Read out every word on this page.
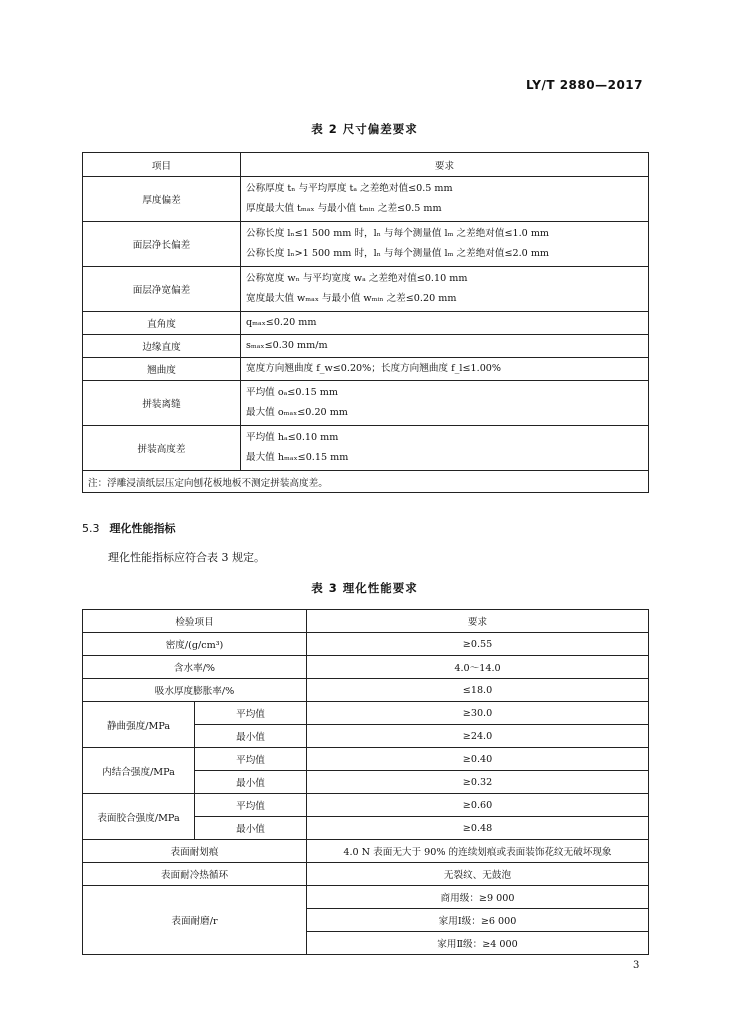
LY/T 2880—2017
表 2 尺寸偏差要求
项目	要求
厚度偏差	公称厚度 tₙ 与平均厚度 tₐ 之差绝对值≤0.5 mm
厚度最大值 tₘₐₓ 与最小值 tₘᵢₙ 之差≤0.5 mm

面层净长偏差	公称长度 lₙ≤1 500 mm 时，lₙ 与每个测量值 lₘ 之差绝对值≤1.0 mm
公称长度 lₙ>1 500 mm 时，lₙ 与每个测量值 lₘ 之差绝对值≤2.0 mm

面层净宽偏差	公称宽度 wₙ 与平均宽度 wₐ 之差绝对值≤0.10 mm
宽度最大值 wₘₐₓ 与最小值 wₘᵢₙ 之差≤0.20 mm

直角度	qₘₐₓ≤0.20 mm
边缘直度	sₘₐₓ≤0.30 mm/m
翘曲度	宽度方向翘曲度 f_w≤0.20%；长度方向翘曲度 f_l≤1.00%
拼装离缝	平均值 oₐ≤0.15 mm
最大值 oₘₐₓ≤0.20 mm

拼装高度差	平均值 hₐ≤0.10 mm
最大值 hₘₐₓ≤0.15 mm

注：浮雕浸渍纸层压定向刨花板地板不测定拼装高度差。	
5.3 理化性能指标
理化性能指标应符合表 3 规定。
表 3 理化性能要求
检验项目		要求
密度/(g/cm³)		≥0.55
含水率/%		4.0～14.0
吸水厚度膨胀率/%		≤18.0
静曲强度/MPa	平均值	≥30.0
	最小值	≥24.0
内结合强度/MPa	平均值	≥0.40
	最小值	≥0.32
表面胶合强度/MPa	平均值	≥0.60
	最小值	≥0.48
表面耐划痕		4.0 N 表面无大于 90% 的连续划痕或表面装饰花纹无破坏现象
表面耐冷热循环		无裂纹、无鼓泡
表面耐磨/r		商用级：≥9 000
		家用Ⅰ级：≥6 000
		家用Ⅱ级：≥4 000
3
